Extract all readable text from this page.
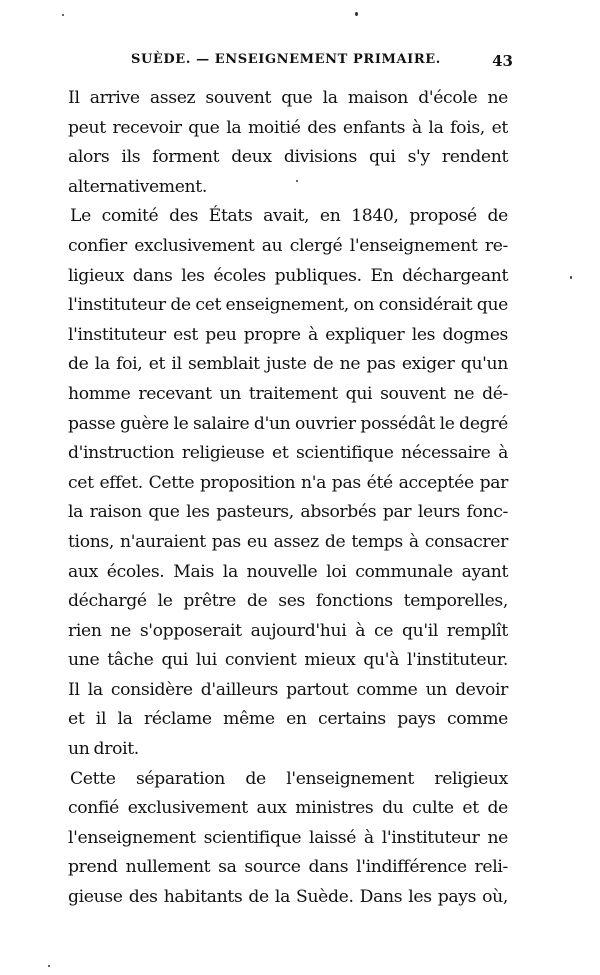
SUÈDE. — ENSEIGNEMENT PRIMAIRE.	43
Il arrive assez souvent que la maison d'école ne
peut recevoir que la moitié des enfants à la fois, et
alors ils forment deux divisions qui s'y rendent
alternativement.
Le comité des États avait, en 1840, proposé de
confier exclusivement au clergé l'enseignement re-
ligieux dans les écoles publiques. En déchargeant
l'instituteur de cet enseignement, on considérait que
l'instituteur est peu propre à expliquer les dogmes
de la foi, et il semblait juste de ne pas exiger qu'un
homme recevant un traitement qui souvent ne dé-
passe guère le salaire d'un ouvrier possédât le degré
d'instruction religieuse et scientifique nécessaire à
cet effet. Cette proposition n'a pas été acceptée par
la raison que les pasteurs, absorbés par leurs fonc-
tions, n'auraient pas eu assez de temps à consacrer
aux écoles. Mais la nouvelle loi communale ayant
déchargé le prêtre de ses fonctions temporelles,
rien ne s'opposerait aujourd'hui à ce qu'il remplît
une tâche qui lui convient mieux qu'à l'instituteur.
Il la considère d'ailleurs partout comme un devoir
et il la réclame même en certains pays comme
un droit.
Cette séparation de l'enseignement religieux
confié exclusivement aux ministres du culte et de
l'enseignement scientifique laissé à l'instituteur ne
prend nullement sa source dans l'indifférence reli-
gieuse des habitants de la Suède. Dans les pays où,
